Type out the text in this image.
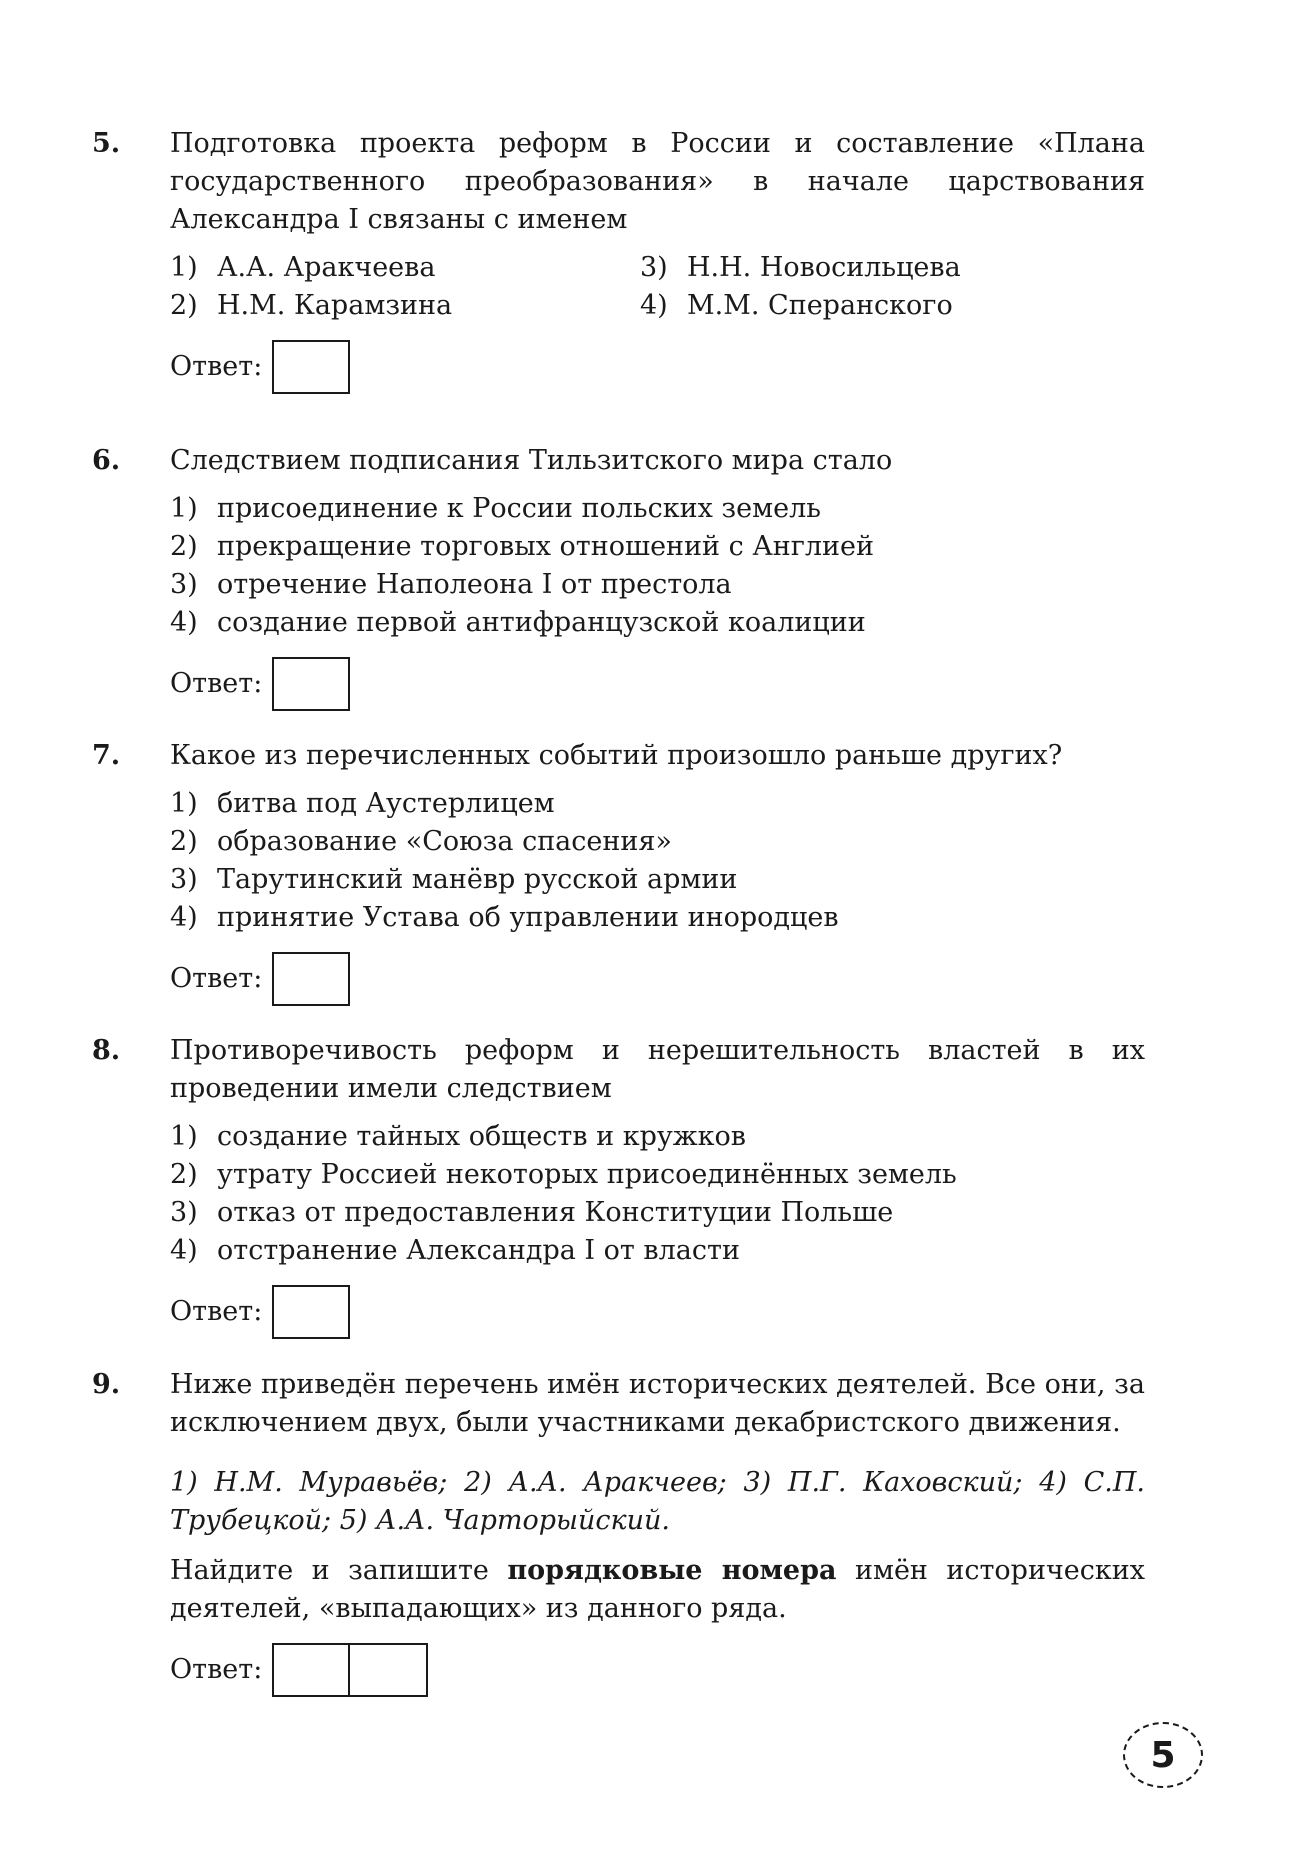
5. Подготовка проекта реформ в России и составление «Плана государственного преобразования» в начале царствования Александра I связаны с именем

1) А.А. Аракчеева	3) Н.Н. Новосильцева
2) Н.М. Карамзина	4) М.М. Сперанского
Ответ:
6. Следствием подписания Тильзитского мира стало

1) присоединение к России польских земель
2) прекращение торговых отношений с Англией
3) отречение Наполеона I от престола
4) создание первой антифранцузской коалиции
Ответ:
7. Какое из перечисленных событий произошло раньше других?

1) битва под Аустерлицем
2) образование «Союза спасения»
3) Тарутинский манёвр русской армии
4) принятие Устава об управлении инородцев
Ответ:
8. Противоречивость реформ и нерешительность властей в их проведении имели следствием

1) создание тайных обществ и кружков
2) утрату Россией некоторых присоединённых земель
3) отказ от предоставления Конституции Польше
4) отстранение Александра I от власти
Ответ:
9. Ниже приведён перечень имён исторических деятелей. Все они, за исключением двух, были участниками декабристского движения.

1) Н.М. Муравьёв; 2) А.А. Аракчеев; 3) П.Г. Каховский; 4) С.П. Трубецкой; 5) А.А. Чарторыйский.

Найдите и запишите порядковые номера имён исторических деятелей, «выпадающих» из данного ряда.

Ответ:
5
